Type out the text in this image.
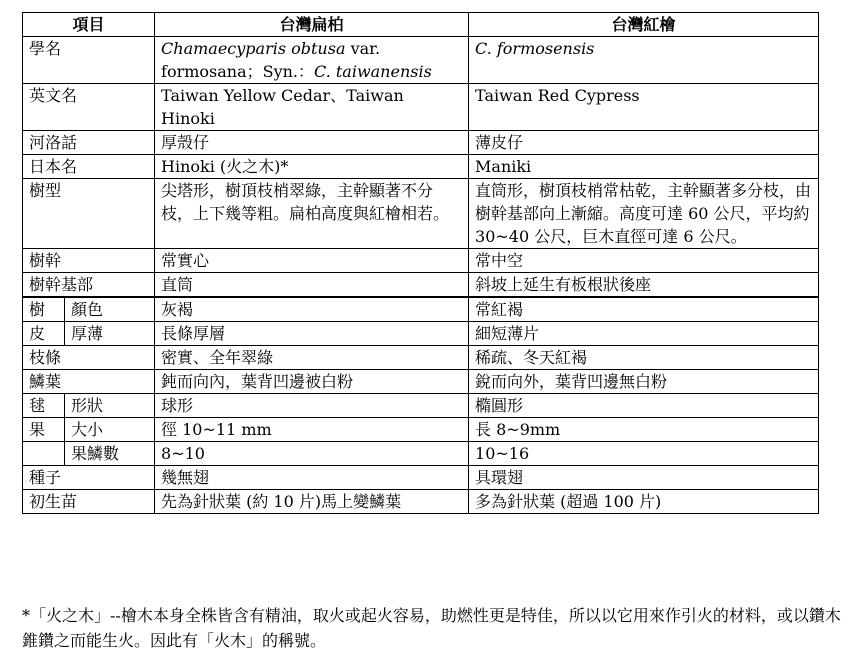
項目		台灣扁柏	台灣紅檜
學名		Chamaecyparis obtusa var. formosana；Syn.：C. taiwanensis	C. formosensis
英文名		Taiwan Yellow Cedar、Taiwan Hinoki	Taiwan Red Cypress
河洛話		厚殼仔	薄皮仔
日本名		Hinoki (火之木)*	Maniki
樹型		尖塔形，樹頂枝梢翠綠，主幹顯著不分枝，上下幾等粗。扁柏高度與紅檜相若。	直筒形，樹頂枝梢常枯乾，主幹顯著多分枝，由樹幹基部向上漸縮。高度可達 60 公尺，平均約 30~40 公尺，巨木直徑可達 6 公尺。
樹幹		常實心	常中空
樹幹基部		直筒	斜坡上延生有板根狀後座
樹	顏色	灰褐	常紅褐
皮	厚薄	長條厚層	細短薄片
枝條		密實、全年翠綠	稀疏、冬天紅褐
鱗葉		鈍而向內，葉背凹邊被白粉	銳而向外，葉背凹邊無白粉
毬	形狀	球形	橢圓形
果	大小	徑 10~11 mm	長 8~9mm
	果鱗數	8~10	10~16
種子		幾無翅	具環翅
初生苗		先為針狀葉 (約 10 片)馬上變鱗葉	多為針狀葉 (超過 100 片)
*「火之木」--檜木本身全株皆含有精油，取火或起火容易，助燃性更是特佳，所以以它用來作引火的材料，或以鑽木錐鑽之而能生火。因此有「火木」的稱號。
